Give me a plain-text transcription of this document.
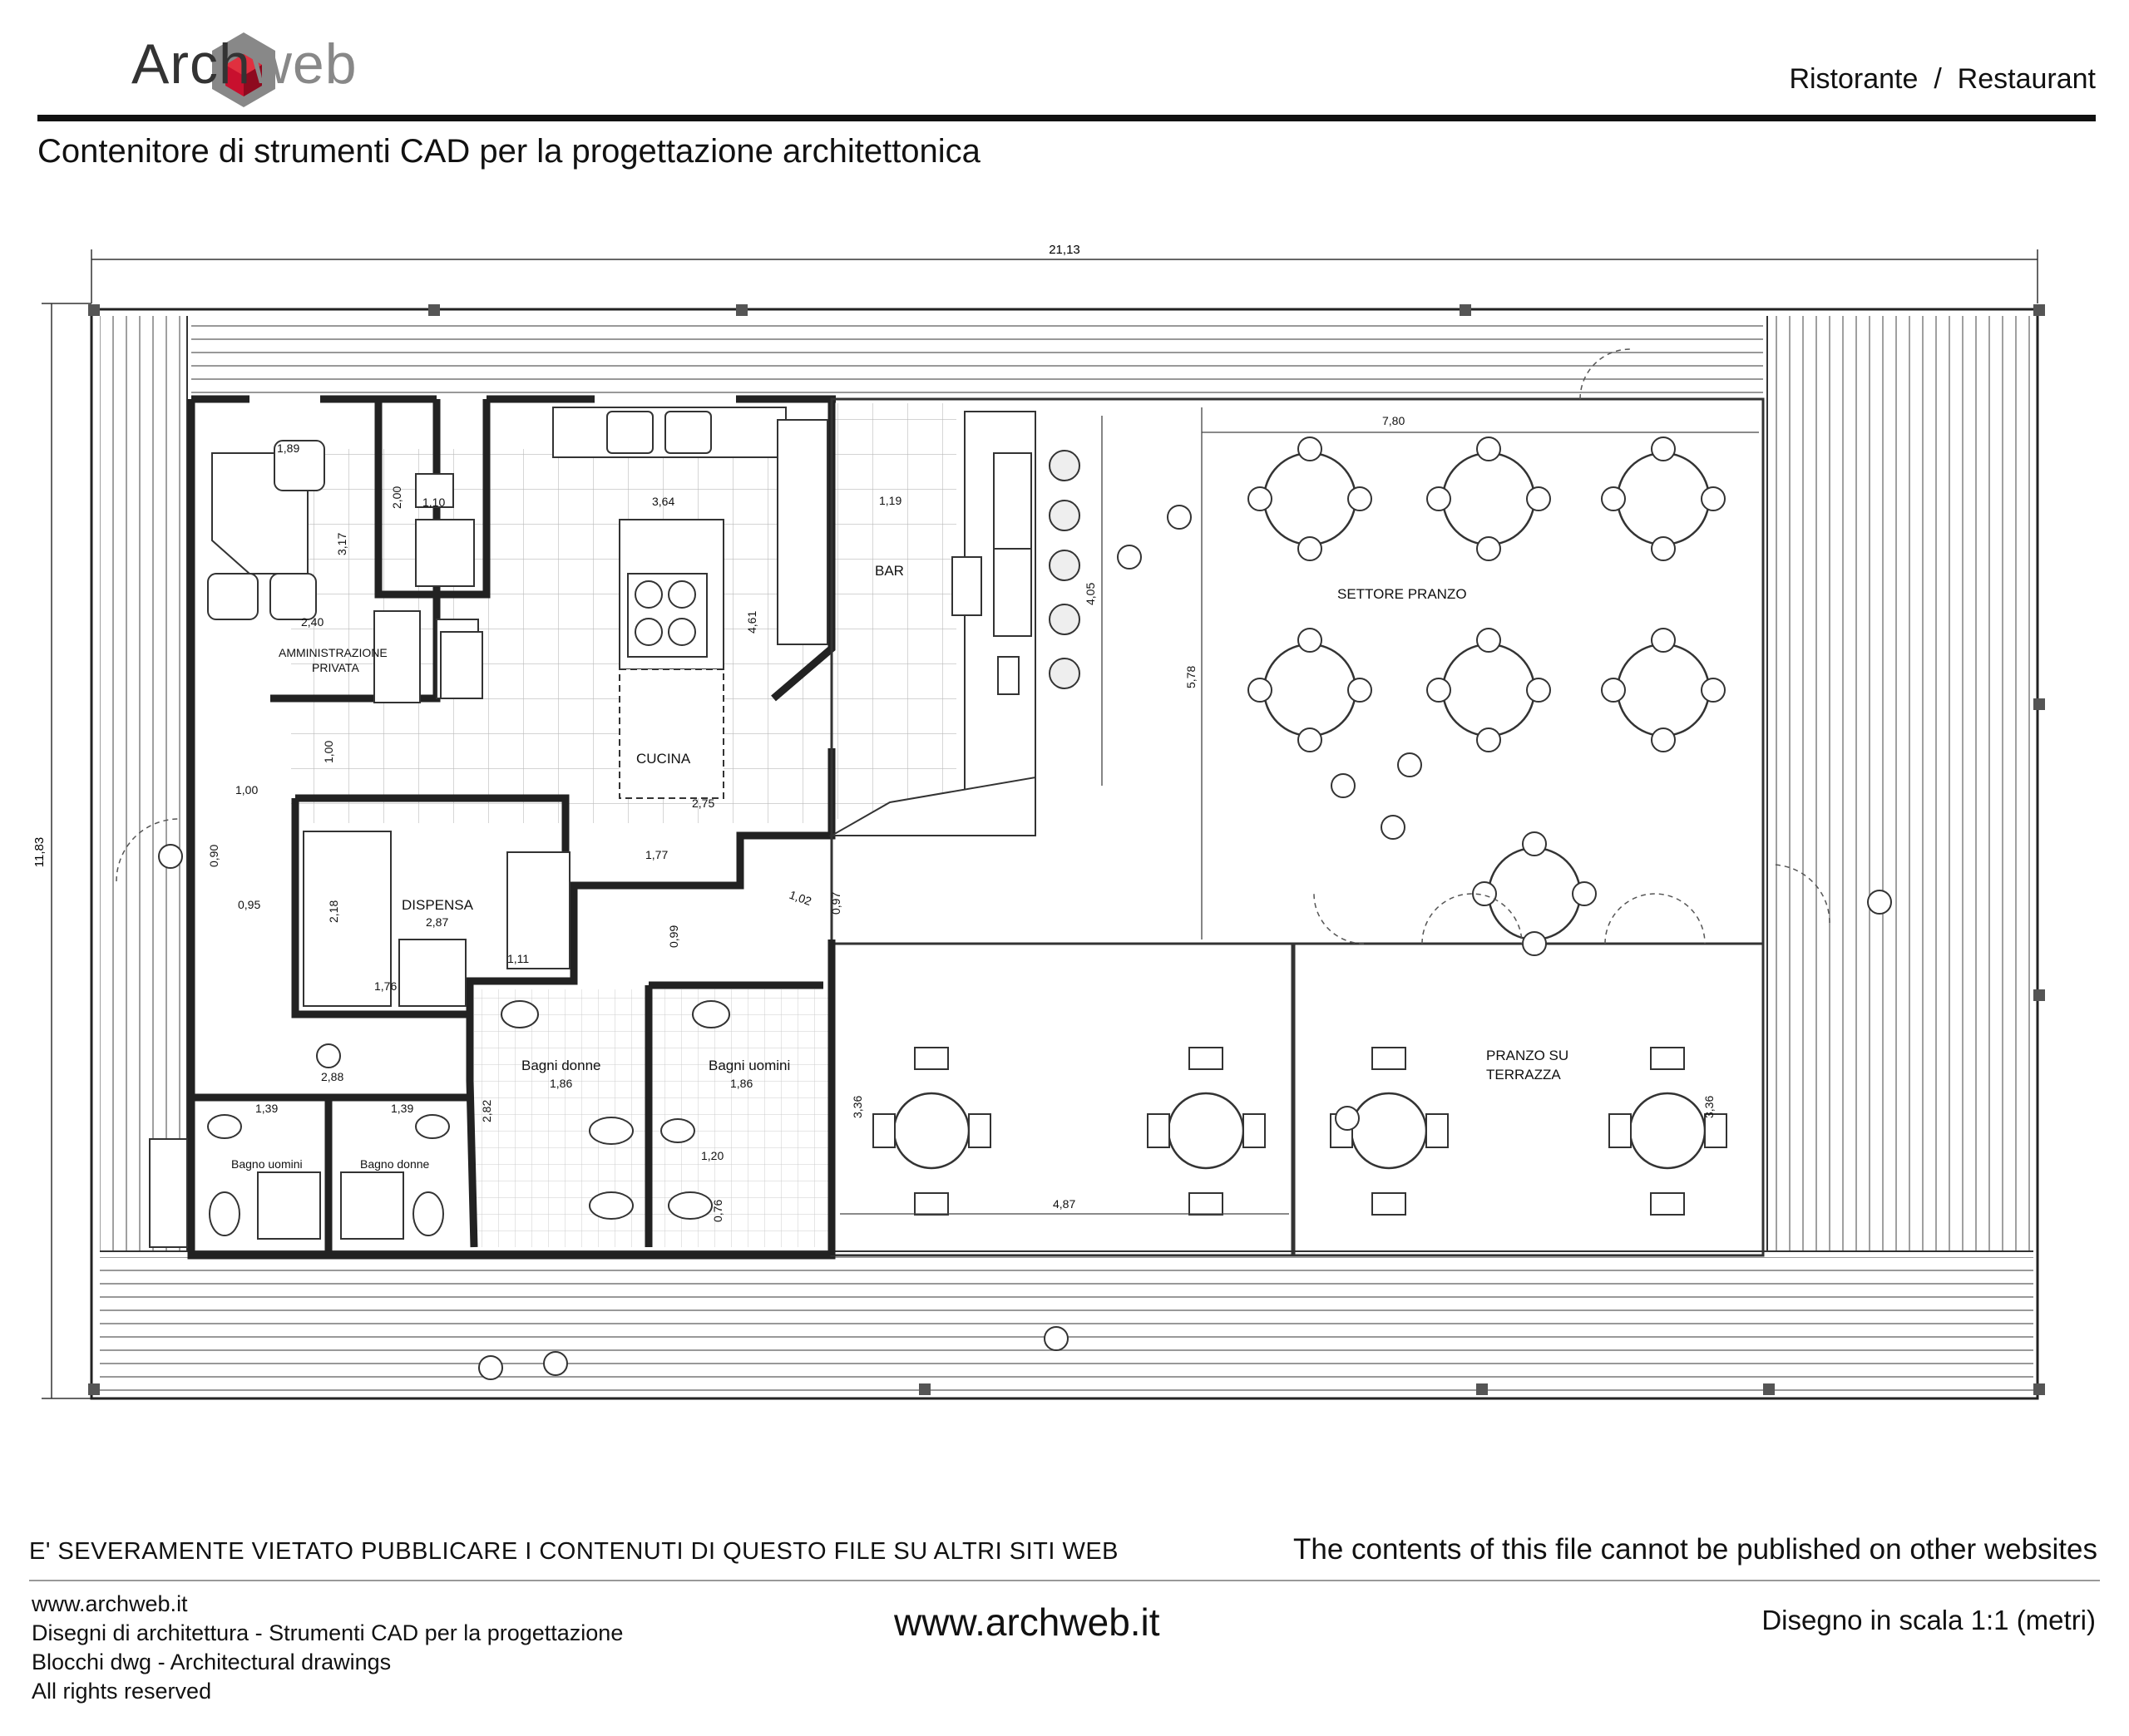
Archweb	Ristorante / Restaurant
Contenitore di strumenti CAD per la progettazione architettonica
21,13
11,83
AMMINISTRAZIONE
PRIVATA
CUCINA
BAR
DISPENSA
SETTORE PRANZO
PRANZO SU
TERRAZZA
Bagni donne	Bagni uomini
Bagno uomini	Bagno donne
1,89
3,17
2,40
2,00 1,10	3,64
4,61
1,19
4,05
7,80
5,78
1,00
1,00
0,90
0,95
2,75
1,77
1,02 0,97
2,18	2,87
1,76
1,11
0,99
2,88
1,39	1,39
1,86	1,86
2,82
1,20
0,76
3,36	3,36
4,87
E' SEVERAMENTE VIETATO PUBBLICARE I CONTENUTI DI QUESTO FILE SU ALTRI SITI WEB	The contents of this file cannot be published on other websites
www.archweb.it
Disegni di architettura - Strumenti CAD per la progettazione
Blocchi dwg - Architectural drawings
All rights reserved
www.archweb.it	Disegno in scala 1:1 (metri)
